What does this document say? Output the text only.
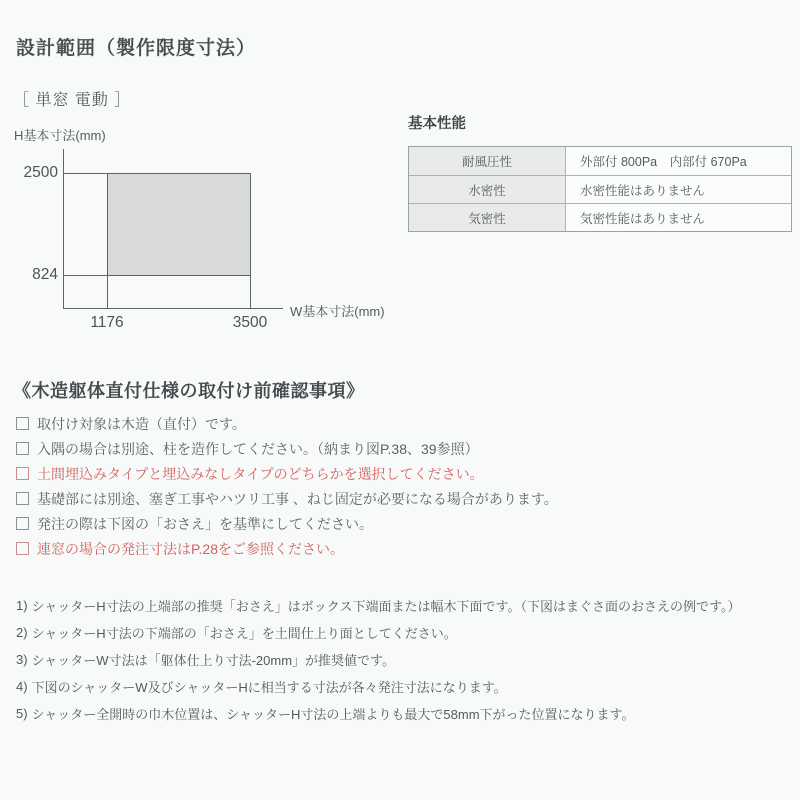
設計範囲（製作限度寸法）
［ 単窓 電動 ］
H基本寸法(mm)
2500
824
1176	3500
W基本寸法(mm)
基本性能
耐風圧性	外部付 800Pa　内部付 670Pa
水密性	水密性能はありません
気密性	気密性能はありません
《木造躯体直付仕様の取付け前確認事項》
取付け対象は木造（直付）です。
入隅の場合は別途、柱を造作してください。（納まり図P.38、39参照）
土間埋込みタイプと埋込みなしタイプのどちらかを選択してください。
基礎部には別途、塞ぎ工事やハツリ工事 、ねじ固定が必要になる場合があります。
発注の際は下図の「おさえ」を基準にしてください。
連窓の場合の発注寸法はP.28をご参照ください。
1) シャッターH寸法の上端部の推奨「おさえ」はボックス下端面または幅木下面です。（下図はまぐさ面のおさえの例です。）
2) シャッターH寸法の下端部の「おさえ」を土間仕上り面としてください。
3) シャッターW寸法は「躯体仕上り寸法-20mm」が推奨値です。
4) 下図のシャッターW及びシャッターHに相当する寸法が各々発注寸法になります。
5) シャッター全開時の巾木位置は、シャッターH寸法の上端よりも最大で58mm下がった位置になります。
